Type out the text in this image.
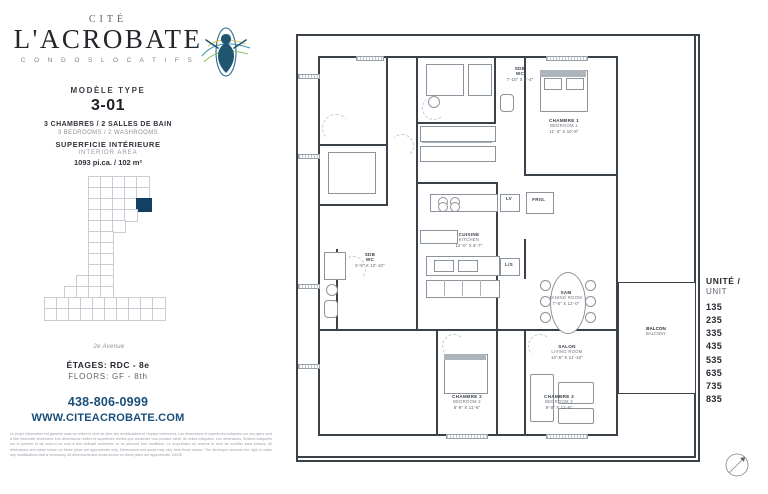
CITÉ
L'ACROBATE
C O N D O S L O C A T I F S
MODÈLE TYPE
3-01
3 CHAMBRES / 2 SALLES DE BAIN
3 BEDROOMS / 2 WASHROOMS
SUPERFICIE INTÉRIEURE
INTERIOR AREA
1093 pi.ca. / 102 m²
2e Avenue
ÉTAGES: RDC - 8e
FLOORS: GF - 8th
438-806-0999
WWW.CITEACROBATE.COM
Le projet Information est garantie mais ne retient le droit de faire des modifications et l'équipe intérieures. Les dimensions et superficies indiquées sur ces plans sont à titre informatif seulement. Les dimensions réelles et superficies réelles que construire nos pouvant varier de celles indiquées. Les dimensions, finitions indiquées sur le présent et de ceux-ci ne sont à titre indicatif seulement et ne peuvent être modifiées. Le propriétaire se réserve le droit de modifier sans préavis. All dimensions and areas shown on these plans are approximate only. Dimensions and areas may vary from those shown. The developer reserves the right to make any modifications that is necessary. All dimensions and areas shown on these plans are approximate. E&OE.
CHAMBRE 1
BEDROOM 1
11'-3" X 10'-8"
SDB
WC
7'-10" X 5'-4"
LV	FRIG.
CUISINE
KITCHEN
12'-0" X 8'-7"
L/S
SAM
DINING ROOM
7'-5" X 12'-0"
SALON
LIVING ROOM
10'-6" X 11'-10"
CHAMBRE 2
BEDROOM 2
8'-9" X 11'-6"
CHAMBRE 3
BEDROOM 3
9'-0" X 11'-6"
SDB
WC
5'-9" X 10'-10"
BALCON
BALCONY
UNITÉ /
UNIT
135
235
335
435
535
635
735
835
